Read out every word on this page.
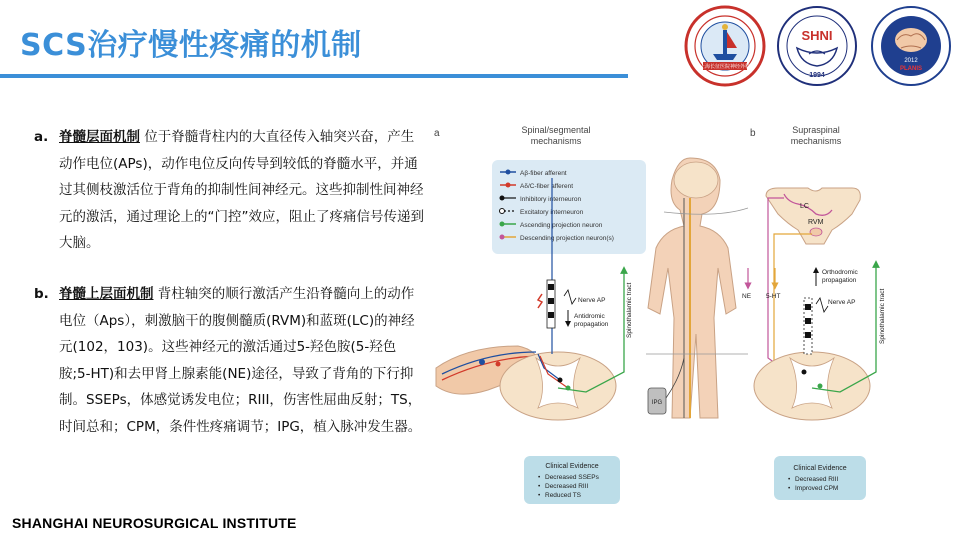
SCS治疗慢性疼痛的机制
上海长征医院神经外科
SHNI
1994
2012
PLANIS
a. 脊髓层面机制 位于脊髓背柱内的大直径传入轴突兴奋，产生动作电位(APs)，动作电位反向传导到较低的脊髓水平，并通过其侧枝激活位于背角的抑制性间神经元。这些抑制性间神经元的激活，通过理论上的“门控”效应，阻止了疼痛信号传递到大脑。
b. 脊髓上层面机制 背柱轴突的顺行激活产生沿脊髓向上的动作电位（Aps），刺激脑干的腹侧髓质(RVM)和蓝斑(LC)的神经元(102，103)。这些神经元的激活通过5-羟色胺(5-羟色胺;5-HT)和去甲肾上腺素能(NE)途径，导致了背角的下行抑制。SSEPs，体感觉诱发电位；RIII，伤害性屈曲反射；TS，时间总和；CPM，条件性疼痛调节；IPG，植入脉冲发生器。
a	Spinal/segmental
mechanisms
b	Supraspinal
mechanisms
Aβ-fiber afferent
Aδ/C-fiber afferent
Inhibitory interneuron
Excitatory interneuron
Ascending projection neuron
Descending projection neuron(s)
IPG
Nerve AP
Antidromic
propagation	Spinothalamic tract
Clinical Evidence
• Decreased SSEPs
• Decreased RIII
• Reduced TS
LC
RVM
NE 5-HT
Orthodromic
propagation
Nerve AP	Spinothalamic tract
Clinical Evidence
• Decreased RIII
• Improved CPM
SHANGHAI NEUROSURGICAL INSTITUTE
